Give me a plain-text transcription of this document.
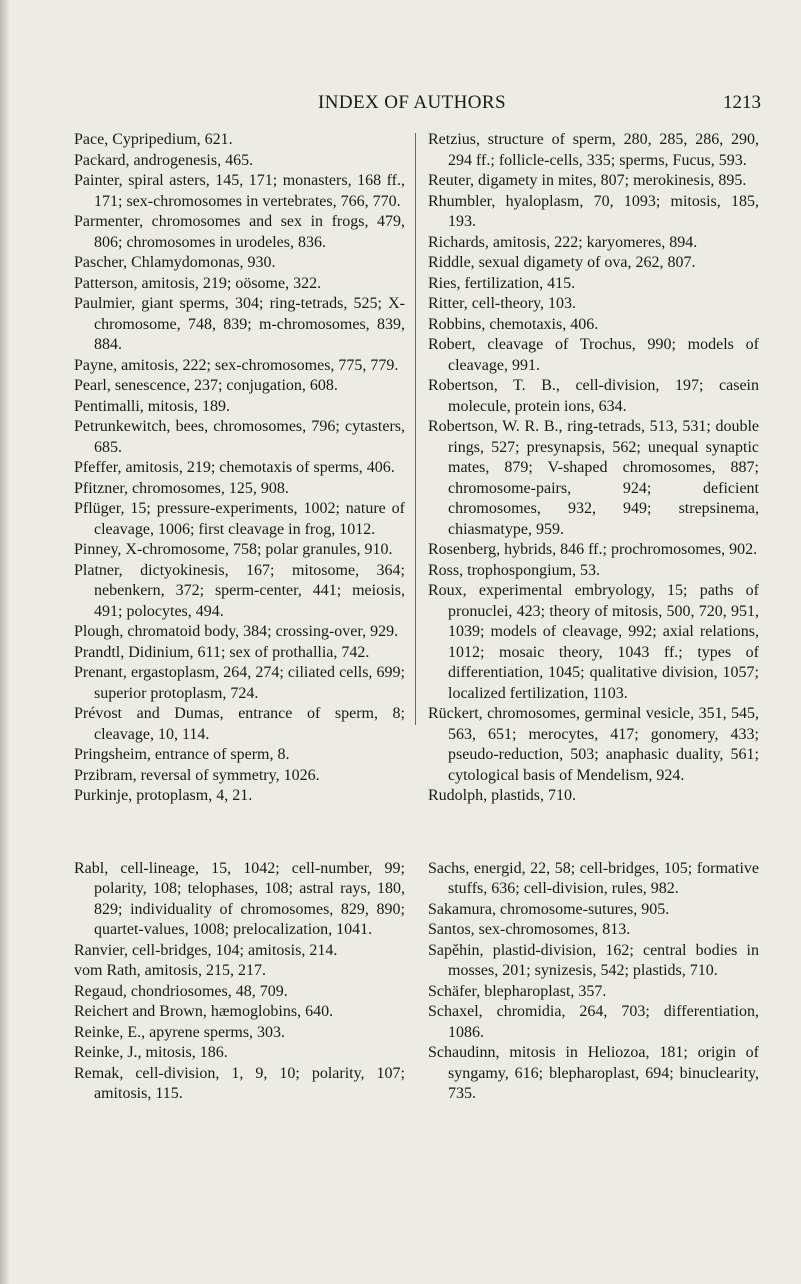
INDEX OF AUTHORS	1213

Pace, Cypripedium, 621.

Packard, androgenesis, 465.

Painter, spiral asters, 145, 171; monasters, 168 ff., 171; sex-chromosomes in vertebrates, 766, 770.

Parmenter, chromosomes and sex in frogs, 479, 806; chromosomes in urodeles, 836.

Pascher, Chlamydomonas, 930.

Patterson, amitosis, 219; oösome, 322.

Paulmier, giant sperms, 304; ring-tetrads, 525; X-chromosome, 748, 839; m-chromosomes, 839, 884.

Payne, amitosis, 222; sex-chromosomes, 775, 779.

Pearl, senescence, 237; conjugation, 608.

Pentimalli, mitosis, 189.

Petrunkewitch, bees, chromosomes, 796; cytasters, 685.

Pfeffer, amitosis, 219; chemotaxis of sperms, 406.

Pfitzner, chromosomes, 125, 908.

Pflüger, 15; pressure-experiments, 1002; nature of cleavage, 1006; first cleavage in frog, 1012.

Pinney, X-chromosome, 758; polar granules, 910.

Platner, dictyokinesis, 167; mitosome, 364; nebenkern, 372; sperm-center, 441; meiosis, 491; polocytes, 494.

Plough, chromatoid body, 384; crossing-over, 929.

Prandtl, Didinium, 611; sex of prothallia, 742.

Prenant, ergastoplasm, 264, 274; ciliated cells, 699; superior protoplasm, 724.

Prévost and Dumas, entrance of sperm, 8; cleavage, 10, 114.

Pringsheim, entrance of sperm, 8.

Przibram, reversal of symmetry, 1026.

Purkinje, protoplasm, 4, 21.

Rabl, cell-lineage, 15, 1042; cell-number, 99; polarity, 108; telophases, 108; astral rays, 180, 829; individuality of chromosomes, 829, 890; quartet-values, 1008; prelocalization, 1041.

Ranvier, cell-bridges, 104; amitosis, 214.

vom Rath, amitosis, 215, 217.

Regaud, chondriosomes, 48, 709.

Reichert and Brown, hæmoglobins, 640.

Reinke, E., apyrene sperms, 303.

Reinke, J., mitosis, 186.

Remak, cell-division, 1, 9, 10; polarity, 107; amitosis, 115.

Retzius, structure of sperm, 280, 285, 286, 290, 294 ff.; follicle-cells, 335; sperms, Fucus, 593.

Reuter, digamety in mites, 807; merokinesis, 895.

Rhumbler, hyaloplasm, 70, 1093; mitosis, 185, 193.

Richards, amitosis, 222; karyomeres, 894.

Riddle, sexual digamety of ova, 262, 807.

Ries, fertilization, 415.

Ritter, cell-theory, 103.

Robbins, chemotaxis, 406.

Robert, cleavage of Trochus, 990; models of cleavage, 991.

Robertson, T. B., cell-division, 197; casein molecule, protein ions, 634.

Robertson, W. R. B., ring-tetrads, 513, 531; double rings, 527; presynapsis, 562; unequal synaptic mates, 879; V-shaped chromosomes, 887; chromosome-pairs, 924; deficient chromosomes, 932, 949; strepsinema, chiasmatype, 959.

Rosenberg, hybrids, 846 ff.; prochromosomes, 902.

Ross, trophospongium, 53.

Roux, experimental embryology, 15; paths of pronuclei, 423; theory of mitosis, 500, 720, 951, 1039; models of cleavage, 992; axial relations, 1012; mosaic theory, 1043 ff.; types of differentiation, 1045; qualitative division, 1057; localized fertilization, 1103.

Rückert, chromosomes, germinal vesicle, 351, 545, 563, 651; merocytes, 417; gonomery, 433; pseudo-reduction, 503; anaphasic duality, 561; cytological basis of Mendelism, 924.

Rudolph, plastids, 710.

Sachs, energid, 22, 58; cell-bridges, 105; formative stuffs, 636; cell-division, rules, 982.

Sakamura, chromosome-sutures, 905.

Santos, sex-chromosomes, 813.

Sapěhin, plastid-division, 162; central bodies in mosses, 201; synizesis, 542; plastids, 710.

Schäfer, blepharoplast, 357.

Schaxel, chromidia, 264, 703; differentiation, 1086.

Schaudinn, mitosis in Heliozoa, 181; origin of syngamy, 616; blepharoplast, 694; binuclearity, 735.
